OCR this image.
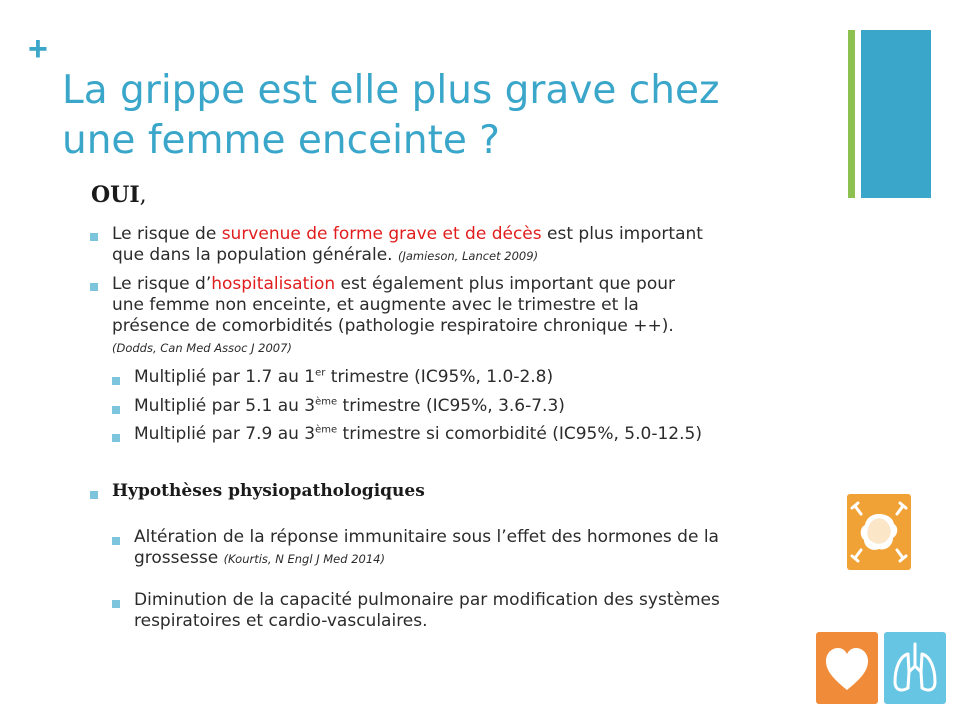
+
La grippe est elle plus grave chez
une femme enceinte ?
OUI,

Le risque de survenue de forme grave et de décès est plus important
que dans la population générale. (Jamieson, Lancet 2009)

Le risque d’hospitalisation est également plus important que pour
une femme non enceinte, et augmente avec le trimestre et la
présence de comorbidités (pathologie respiratoire chronique ++).
(Dodds, Can Med Assoc J 2007)

Multiplié par 1.7 au 1er trimestre (IC95%, 1.0-2.8)

Multiplié par 5.1 au 3ème trimestre (IC95%, 3.6-7.3)

Multiplié par 7.9 au 3ème trimestre si comorbidité (IC95%, 5.0-12.5)

Hypothèses physiopathologiques

Altération de la réponse immunitaire sous l’effet des hormones de la
grossesse (Kourtis, N Engl J Med 2014)

Diminution de la capacité pulmonaire par modification des systèmes
respiratoires et cardio-vasculaires.
